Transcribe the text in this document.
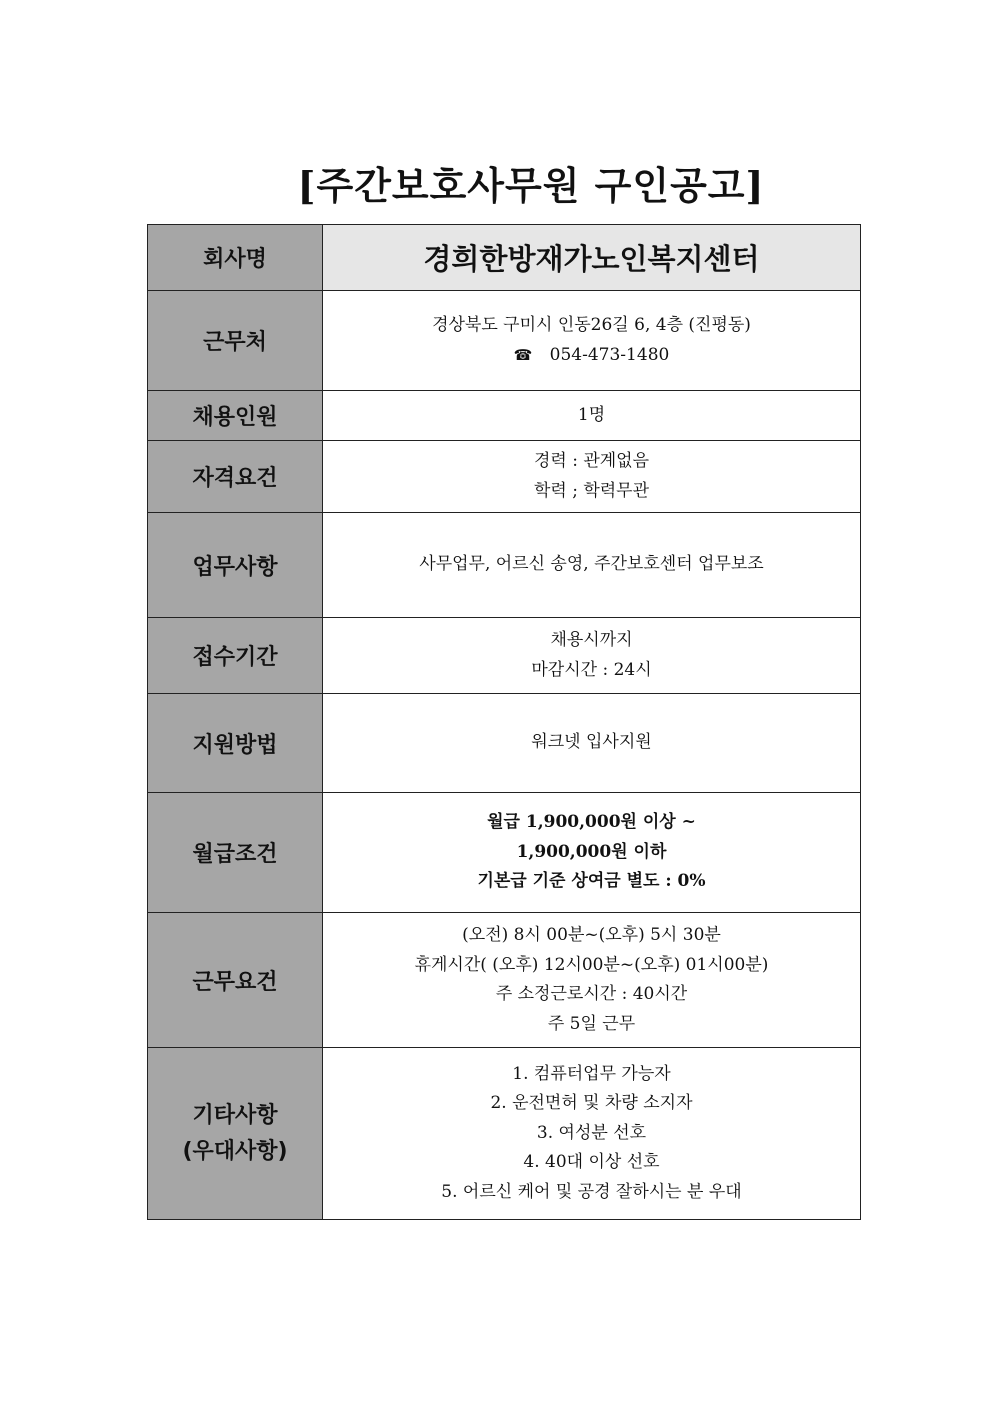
[주간보호사무원 구인공고]
회사명	경희한방재가노인복지센터
근무처	경상북도 구미시 인동26길 6, 4층 (진평동)
☎ 054-473-1480

채용인원	1명
자격요건	경력 : 관계없음
학력 ; 학력무관

업무사항	사무업무, 어르신 송영, 주간보호센터 업무보조
접수기간	채용시까지
마감시간 : 24시

지원방법	워크넷 입사지원
월급조건	월급 1,900,000원 이상 ~
1,900,000원 이하
기본급 기준 상여금 별도 : 0%

근무요건	(오전) 8시 00분~(오후) 5시 30분
휴게시간( (오후) 12시00분~(오후) 01시00분)
주 소정근로시간 : 40시간
주 5일 근무

기타사항
(우대사항)	1. 컴퓨터업무 가능자
2. 운전면허 및 차량 소지자
3. 여성분 선호
4. 40대 이상 선호
5. 어르신 케어 및 공경 잘하시는 분 우대
